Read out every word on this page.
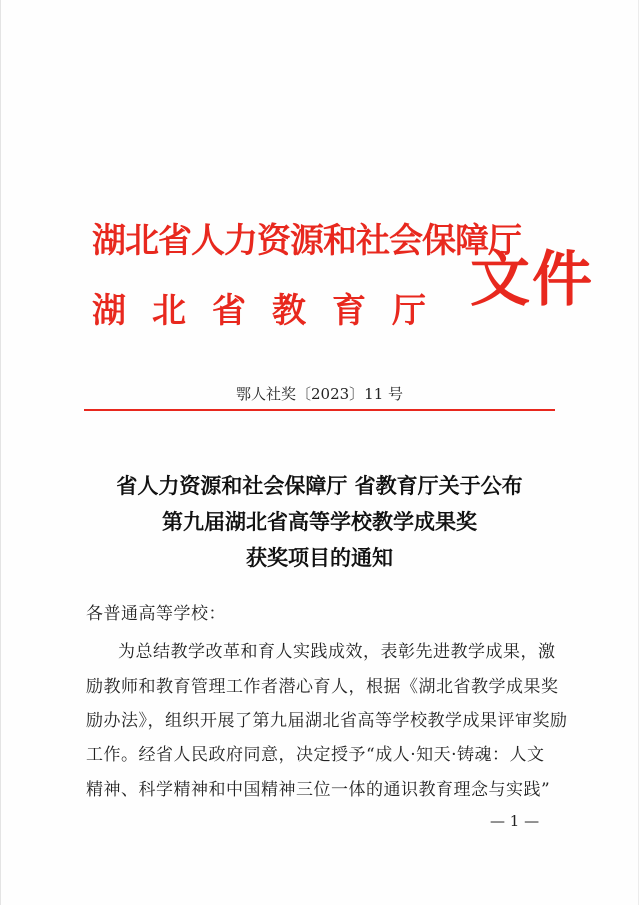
湖北省人力资源和社会保障厅
湖北省教育厅 文件
鄂人社奖〔2023〕11 号
省人力资源和社会保障厅 省教育厅关于公布
第九届湖北省高等学校教学成果奖
获奖项目的通知
各普通高等学校：
为总结教学改革和育人实践成效，表彰先进教学成果，激
励教师和教育管理工作者潜心育人，根据《湖北省教学成果奖
励办法》，组织开展了第九届湖北省高等学校教学成果评审奖励
工作。经省人民政府同意，决定授予“成人·知天·铸魂：人文
精神、科学精神和中国精神三位一体的通识教育理念与实践”
— 1 —
